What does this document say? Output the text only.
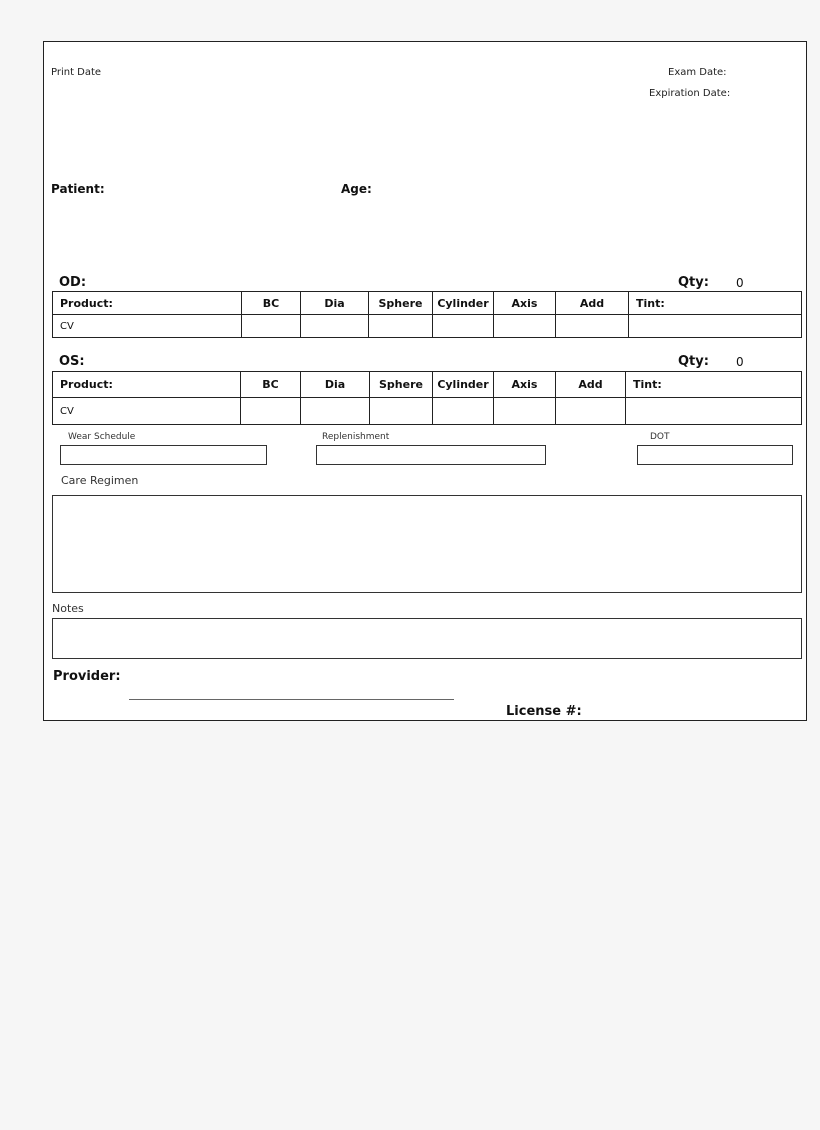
Print Date	Exam Date:
Expiration Date:
Patient:	Age:
OD:	Qty: 0
Product:	BC	Dia	Sphere	Cylinder	Axis	Add	Tint:
CV							
OS:	Qty: 0
Product:	BC	Dia	Sphere	Cylinder	Axis	Add	Tint:
CV							
Wear Schedule	Replenishment	DOT
Care Regimen
Notes
Provider:
License #:
